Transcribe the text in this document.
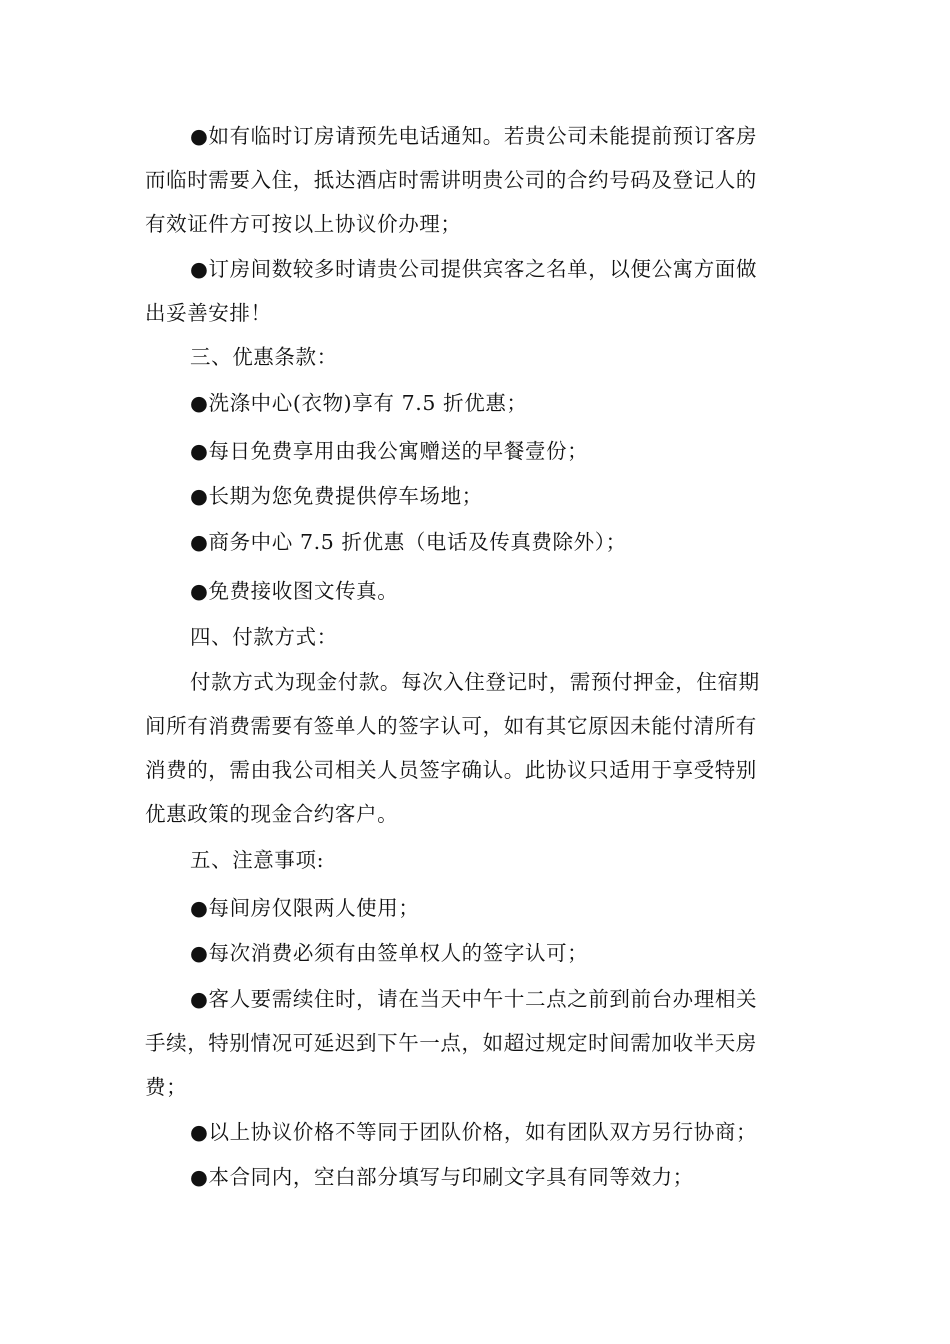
●如有临时订房请预先电话通知。若贵公司未能提前预订客房
而临时需要入住，抵达酒店时需讲明贵公司的合约号码及登记人的
有效证件方可按以上协议价办理；
●订房间数较多时请贵公司提供宾客之名单，以便公寓方面做
出妥善安排！
三、优惠条款：
●洗涤中心(衣物)享有 7.5 折优惠；
●每日免费享用由我公寓赠送的早餐壹份；
●长期为您免费提供停车场地；
●商务中心 7.5 折优惠（电话及传真费除外）；
●免费接收图文传真。
四、付款方式：
付款方式为现金付款。每次入住登记时，需预付押金，住宿期
间所有消费需要有签单人的签字认可，如有其它原因未能付清所有
消费的，需由我公司相关人员签字确认。此协议只适用于享受特别
优惠政策的现金合约客户。
五、注意事项:
●每间房仅限两人使用；
●每次消费必须有由签单权人的签字认可；
●客人要需续住时，请在当天中午十二点之前到前台办理相关
手续，特别情况可延迟到下午一点，如超过规定时间需加收半天房
费；
●以上协议价格不等同于团队价格，如有团队双方另行协商；
●本合同内，空白部分填写与印刷文字具有同等效力；
